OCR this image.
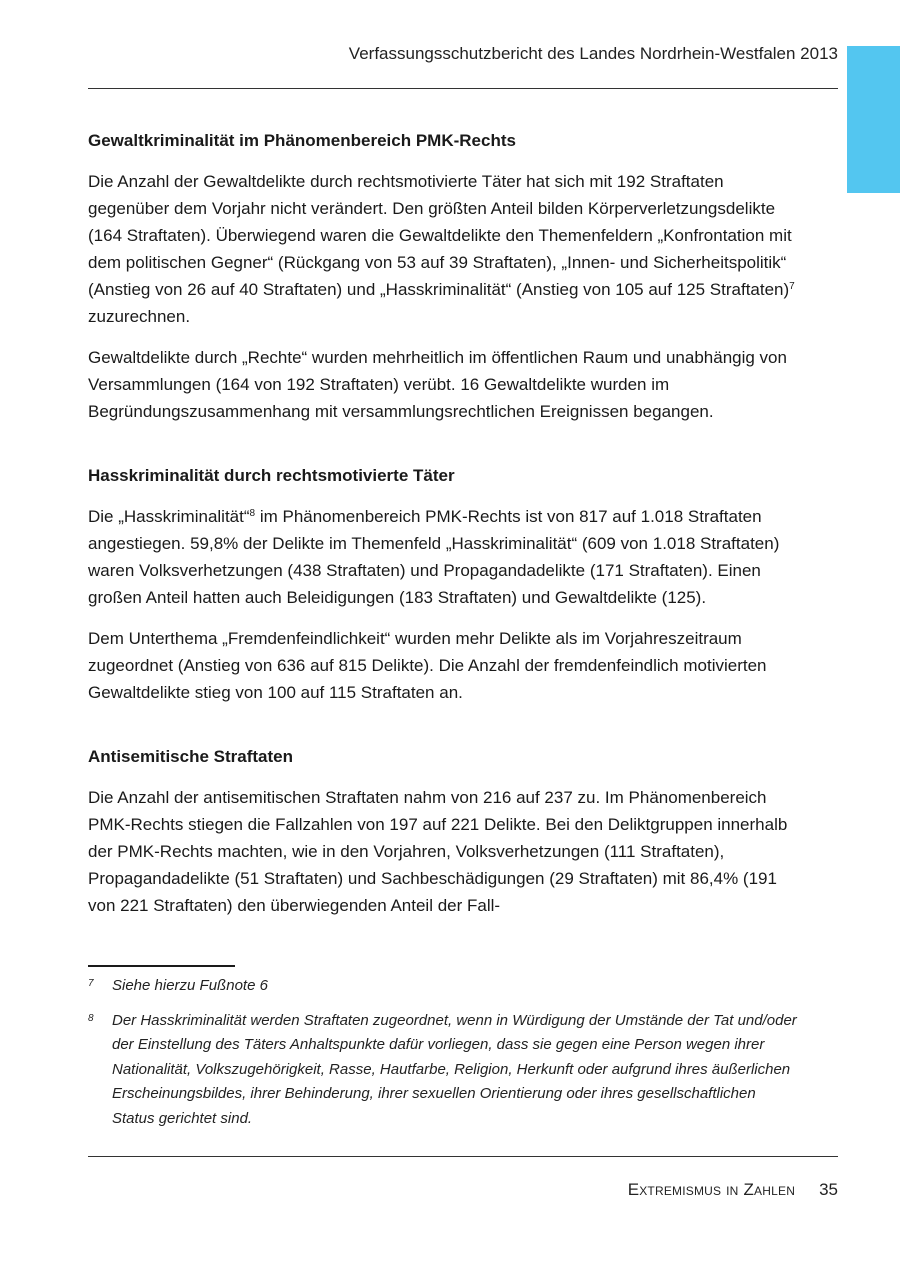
Verfassungsschutzbericht des Landes Nordrhein-Westfalen 2013
Gewaltkriminalität im Phänomenbereich PMK-Rechts

Die Anzahl der Gewaltdelikte durch rechtsmotivierte Täter hat sich mit 192 Straftaten gegenüber dem Vorjahr nicht verändert. Den größten Anteil bilden Körperverletzungsdelikte (164 Straftaten). Überwiegend waren die Gewaltdelikte den Themenfeldern „Konfrontation mit dem politischen Gegner“ (Rückgang von 53 auf 39 Straftaten), „Innen- und Sicherheitspolitik“ (Anstieg von 26 auf 40 Straftaten) und „Hasskriminalität“ (Anstieg von 105 auf 125 Straftaten)$^7$ zuzurechnen.

Gewaltdelikte durch „Rechte“ wurden mehrheitlich im öffentlichen Raum und unabhängig von Versammlungen (164 von 192 Straftaten) verübt. 16 Gewaltdelikte wurden im Begründungszusammenhang mit versammlungsrechtlichen Ereignissen begangen.

Hasskriminalität durch rechtsmotivierte Täter

Die „Hasskriminalität“$^8$ im Phänomenbereich PMK-Rechts ist von 817 auf 1.018 Straftaten angestiegen. 59,8% der Delikte im Themenfeld „Hasskriminalität“ (609 von 1.018 Straftaten) waren Volksverhetzungen (438 Straftaten) und Propagandadelikte (171 Straftaten). Einen großen Anteil hatten auch Beleidigungen (183 Straftaten) und Gewaltdelikte (125).

Dem Unterthema „Fremdenfeindlichkeit“ wurden mehr Delikte als im Vorjahreszeitraum zugeordnet (Anstieg von 636 auf 815 Delikte). Die Anzahl der fremdenfeindlich motivierten Gewaltdelikte stieg von 100 auf 115 Straftaten an.

Antisemitische Straftaten

Die Anzahl der antisemitischen Straftaten nahm von 216 auf 237 zu. Im Phänomenbereich PMK-Rechts stiegen die Fallzahlen von 197 auf 221 Delikte. Bei den Deliktgruppen innerhalb der PMK-Rechts machten, wie in den Vorjahren, Volksverhetzungen (111 Straftaten), Propagandadelikte (51 Straftaten) und Sachbeschädigungen (29 Straftaten) mit 86,4% (191 von 221 Straftaten) den überwiegenden Anteil der Fall-

7	Siehe hierzu Fußnote 6
8	Der Hasskriminalität werden Straftaten zugeordnet, wenn in Würdigung der Umstände der Tat und/oder der Einstellung des Täters Anhaltspunkte dafür vorliegen, dass sie gegen eine Person wegen ihrer Nationalität, Volkszugehörigkeit, Rasse, Hautfarbe, Religion, Herkunft oder aufgrund ihres äußerlichen Erscheinungsbildes, ihrer Behinderung, ihrer sexuellen Orientierung oder ihres gesellschaftlichen Status gerichtet sind.
Extremismus in Zahlen 35
